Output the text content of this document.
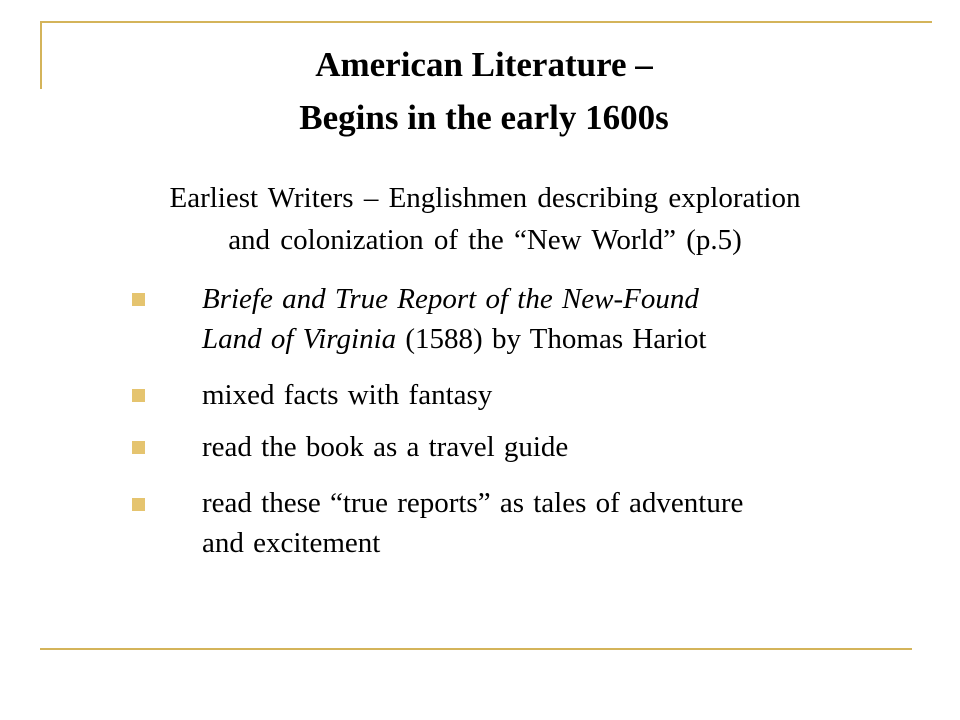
American Literature –
Begins in the early 1600s
Earliest Writers – Englishmen describing exploration
and colonization of the “New World” (p.5)
Briefe and True Report of the New-Found
Land of Virginia (1588) by Thomas Hariot
mixed facts with fantasy
read the book as a travel guide
read these “true reports” as tales of adventure
and excitement
